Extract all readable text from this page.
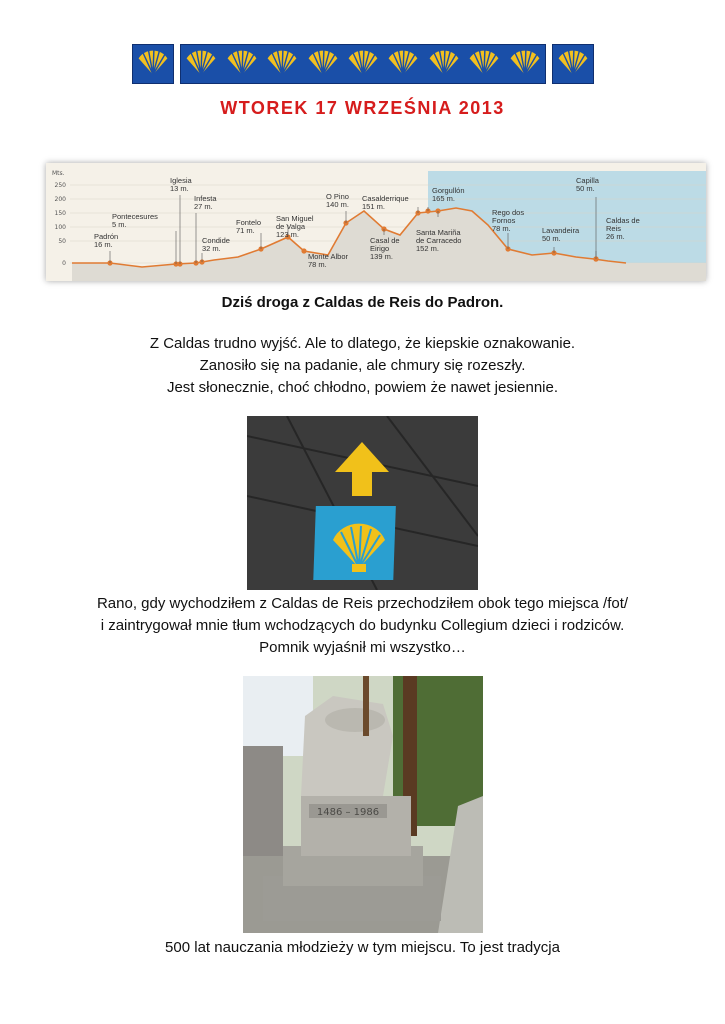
WTOREK 17 WRZEŚNIA 2013
Mts.
250
200
150
100
50
0
Padrón 16 m.
Pontecesures 5 m.
Iglesia 13 m.
Infesta 27 m.
Condide 32 m.
Fontelo 71 m.
San Miguel de Valga 123 m.
Monte Albor 78 m.
O Pino 140 m.
Casal de Eirigo 139 m.
Casalderrique 151 m.
Gorgullón 165 m.
Santa Mariña de Carracedo 152 m.
Rego dos Fornos 78 m.	Lavandeira 50 m.
Capilla 50 m.
Caldas de Reis 26 m.
Dziś droga z Caldas de Reis do Padron.
Z Caldas trudno wyjść. Ale to dlatego, że kiepskie oznakowanie.
Zanosiło się na padanie, ale chmury się rozeszły.
Jest słonecznie, choć chłodno, powiem że nawet jesiennie.
Rano, gdy wychodziłem z Caldas de Reis przechodziłem obok tego miejsca /fot/
i zaintrygował mnie tłum wchodzących do budynku Collegium dzieci i rodziców.
Pomnik wyjaśnił mi wszystko…
1486 – 1986
500 lat nauczania młodzieży w tym miejscu. To jest tradycja
